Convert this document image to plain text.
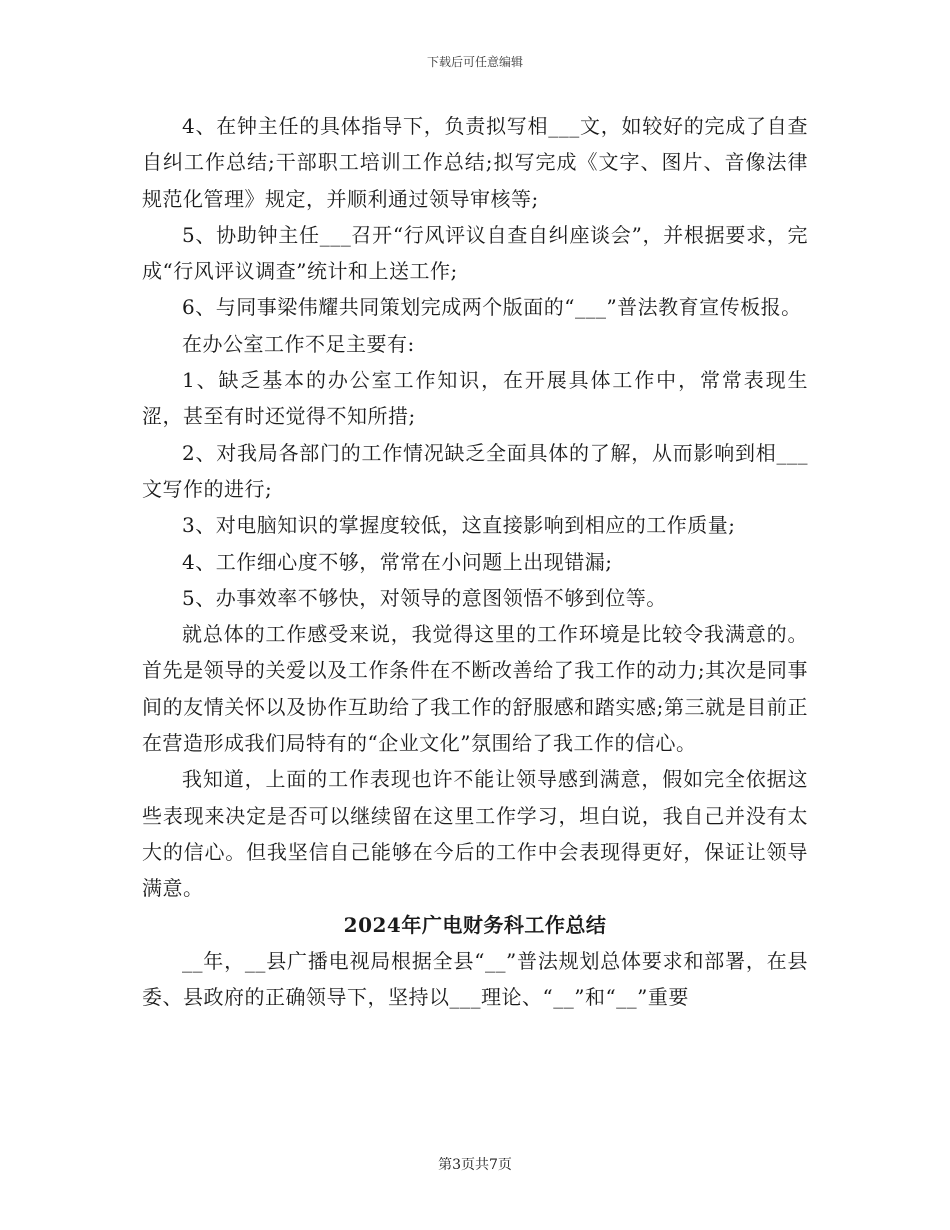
下载后可任意编辑

4、在钟主任的具体指导下，负责拟写相___文，如较好的完成了自查自纠工作总结;干部职工培训工作总结;拟写完成《文字、图片、音像法律规范化管理》规定，并顺利通过领导审核等;

5、协助钟主任___召开“行风评议自查自纠座谈会”，并根据要求，完成“行风评议调查”统计和上送工作;

6、与同事梁伟耀共同策划完成两个版面的“___”普法教育宣传板报。

在办公室工作不足主要有:

1、缺乏基本的办公室工作知识，在开展具体工作中，常常表现生涩，甚至有时还觉得不知所措;

2、对我局各部门的工作情况缺乏全面具体的了解，从而影响到相___文写作的进行;

3、对电脑知识的掌握度较低，这直接影响到相应的工作质量;

4、工作细心度不够，常常在小问题上出现错漏;

5、办事效率不够快，对领导的意图领悟不够到位等。

就总体的工作感受来说，我觉得这里的工作环境是比较令我满意的。首先是领导的关爱以及工作条件在不断改善给了我工作的动力;其次是同事间的友情关怀以及协作互助给了我工作的舒服感和踏实感;第三就是目前正在营造形成我们局特有的“企业文化”氛围给了我工作的信心。

我知道，上面的工作表现也许不能让领导感到满意，假如完全依据这些表现来决定是否可以继续留在这里工作学习，坦白说，我自己并没有太大的信心。但我坚信自己能够在今后的工作中会表现得更好，保证让领导满意。

2024年广电财务科工作总结

__年，__县广播电视局根据全县“__”普法规划总体要求和部署，在县委、县政府的正确领导下，坚持以___理论、“__”和“__”重要

第3页共7页
